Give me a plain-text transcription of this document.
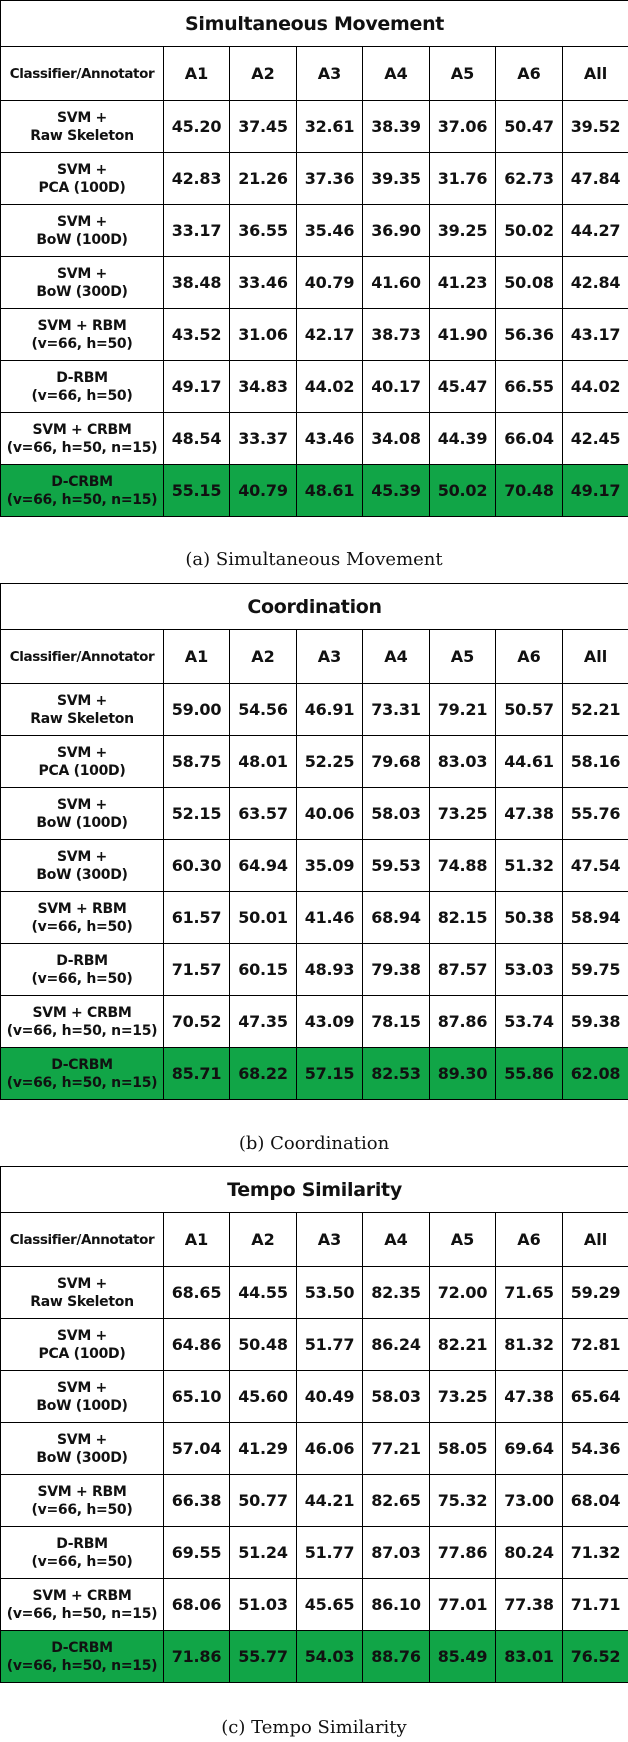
Simultaneous Movement							
Classifier/Annotator	A1	A2	A3	A4	A5	A6	All

SVM +
Raw Skeleton	45.20	37.45	32.61	38.39	37.06	50.47	39.52

SVM +
PCA (100D)	42.83	21.26	37.36	39.35	31.76	62.73	47.84

SVM +
BoW (100D)	33.17	36.55	35.46	36.90	39.25	50.02	44.27

SVM +
BoW (300D)	38.48	33.46	40.79	41.60	41.23	50.08	42.84

SVM + RBM
(v=66, h=50)	43.52	31.06	42.17	38.73	41.90	56.36	43.17

D-RBM
(v=66, h=50)	49.17	34.83	44.02	40.17	45.47	66.55	44.02

SVM + CRBM
(v=66, h=50, n=15)	48.54	33.37	43.46	34.08	44.39	66.04	42.45

D-CRBM
(v=66, h=50, n=15)	55.15	40.79	48.61	45.39	50.02	70.48	49.17
(a) Simultaneous Movement
Coordination							
Classifier/Annotator	A1	A2	A3	A4	A5	A6	All

SVM +
Raw Skeleton	59.00	54.56	46.91	73.31	79.21	50.57	52.21

SVM +
PCA (100D)	58.75	48.01	52.25	79.68	83.03	44.61	58.16

SVM +
BoW (100D)	52.15	63.57	40.06	58.03	73.25	47.38	55.76

SVM +
BoW (300D)	60.30	64.94	35.09	59.53	74.88	51.32	47.54

SVM + RBM
(v=66, h=50)	61.57	50.01	41.46	68.94	82.15	50.38	58.94

D-RBM
(v=66, h=50)	71.57	60.15	48.93	79.38	87.57	53.03	59.75

SVM + CRBM
(v=66, h=50, n=15)	70.52	47.35	43.09	78.15	87.86	53.74	59.38

D-CRBM
(v=66, h=50, n=15)	85.71	68.22	57.15	82.53	89.30	55.86	62.08
(b) Coordination
Tempo Similarity							
Classifier/Annotator	A1	A2	A3	A4	A5	A6	All

SVM +
Raw Skeleton	68.65	44.55	53.50	82.35	72.00	71.65	59.29

SVM +
PCA (100D)	64.86	50.48	51.77	86.24	82.21	81.32	72.81

SVM +
BoW (100D)	65.10	45.60	40.49	58.03	73.25	47.38	65.64

SVM +
BoW (300D)	57.04	41.29	46.06	77.21	58.05	69.64	54.36

SVM + RBM
(v=66, h=50)	66.38	50.77	44.21	82.65	75.32	73.00	68.04

D-RBM
(v=66, h=50)	69.55	51.24	51.77	87.03	77.86	80.24	71.32

SVM + CRBM
(v=66, h=50, n=15)	68.06	51.03	45.65	86.10	77.01	77.38	71.71

D-CRBM
(v=66, h=50, n=15)	71.86	55.77	54.03	88.76	85.49	83.01	76.52
(c) Tempo Similarity
